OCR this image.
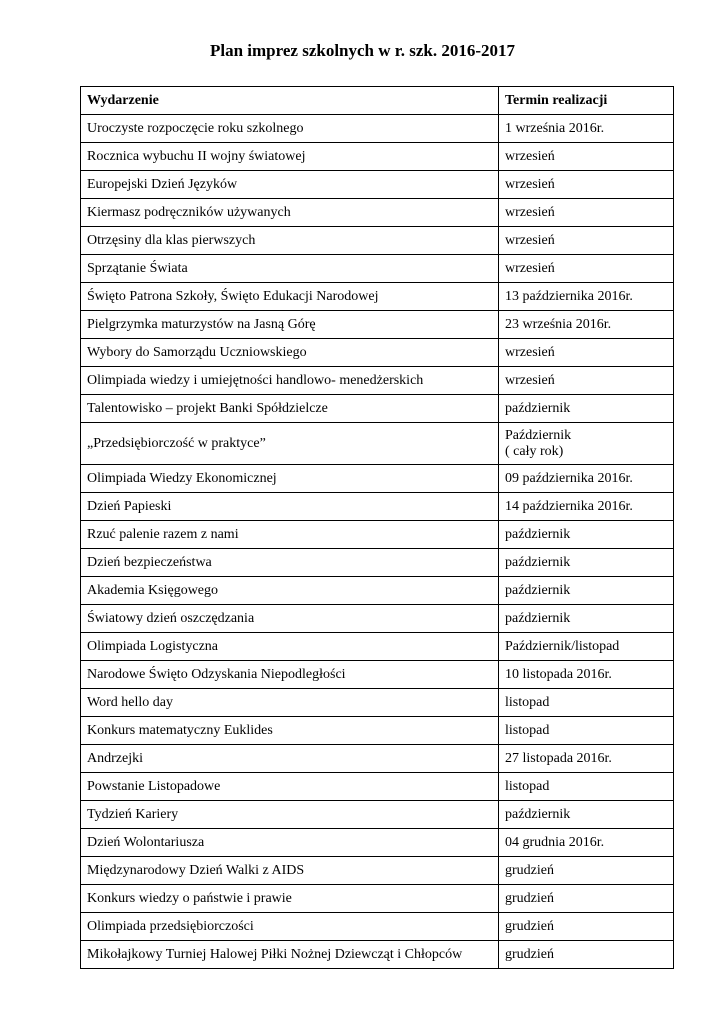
Plan imprez szkolnych w r. szk. 2016-2017
Wydarzenie	Termin realizacji
Uroczyste rozpoczęcie roku szkolnego	1 września 2016r.
Rocznica wybuchu II wojny światowej	wrzesień
Europejski Dzień Języków	wrzesień
Kiermasz podręczników używanych	wrzesień
Otrzęsiny dla klas pierwszych	wrzesień
Sprzątanie Świata	wrzesień
Święto Patrona Szkoły, Święto Edukacji Narodowej	13 października 2016r.
Pielgrzymka maturzystów na Jasną Górę	23 września 2016r.
Wybory do Samorządu Uczniowskiego	wrzesień
Olimpiada wiedzy i umiejętności handlowo- menedżerskich	wrzesień
Talentowisko – projekt Banki Spółdzielcze	październik
„Przedsiębiorczość w praktyce”	Październik
( cały rok)

Olimpiada Wiedzy Ekonomicznej	09 października 2016r.
Dzień Papieski	14 października 2016r.
Rzuć palenie razem z nami	październik
Dzień bezpieczeństwa	październik
Akademia Księgowego	październik
Światowy dzień oszczędzania	październik
Olimpiada Logistyczna	Październik/listopad
Narodowe Święto Odzyskania Niepodległości	10 listopada 2016r.
Word hello day	listopad
Konkurs matematyczny Euklides	listopad
Andrzejki	27 listopada 2016r.
Powstanie Listopadowe	listopad
Tydzień Kariery	październik
Dzień Wolontariusza	04 grudnia 2016r.
Międzynarodowy Dzień Walki z AIDS	grudzień
Konkurs wiedzy o państwie i prawie	grudzień
Olimpiada przedsiębiorczości	grudzień
Mikołajkowy Turniej Halowej Piłki Nożnej Dziewcząt i Chłopców	grudzień
